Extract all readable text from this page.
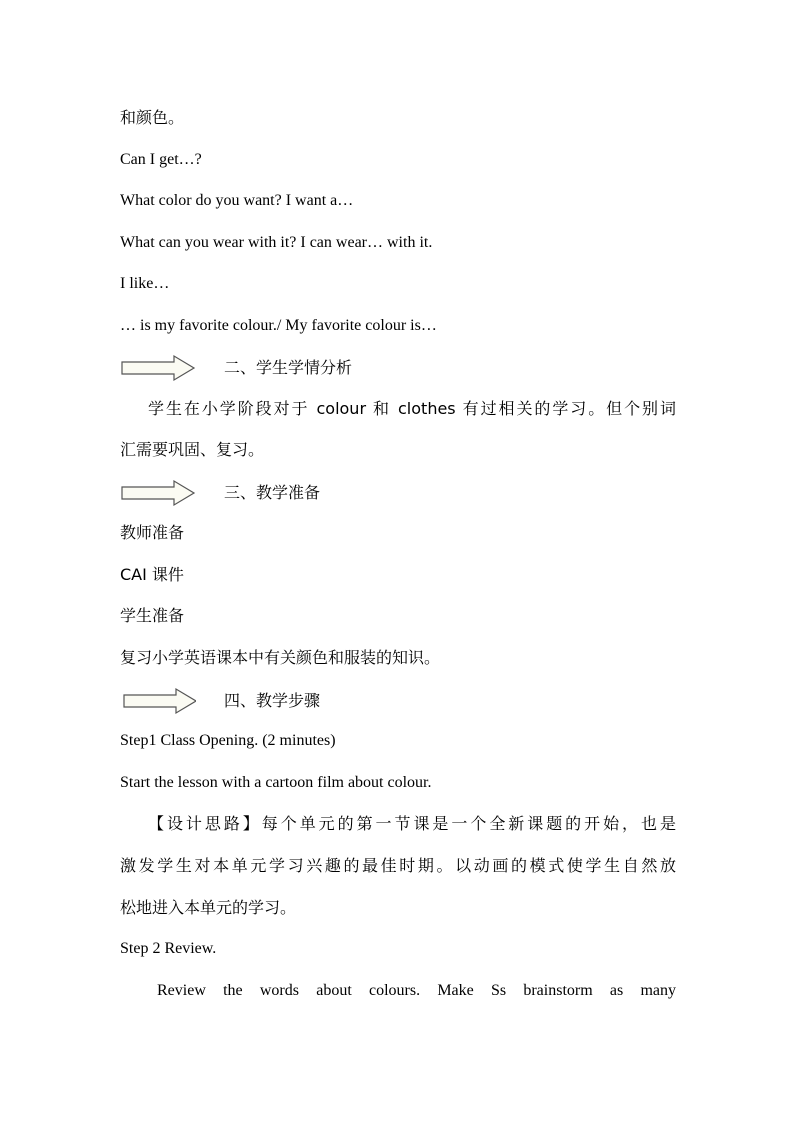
和颜色。
Can I get…?
What color do you want? I want a…
What can you wear with it? I can wear… with it.
I like…
… is my favorite colour./ My favorite colour is…
二、学生学情分析
学生在小学阶段对于 colour 和 clothes 有过相关的学习。但个别词
汇需要巩固、复习。
三、教学准备
教师准备
CAI 课件
学生准备
复习小学英语课本中有关颜色和服装的知识。
四、教学步骤
Step1 Class Opening. (2 minutes)
Start the lesson with a cartoon film about colour.
【设计思路】每个单元的第一节课是一个全新课题的开始，也是
激发学生对本单元学习兴趣的最佳时期。以动画的模式使学生自然放
松地进入本单元的学习。
Step 2 Review.
Review the words about colours. Make Ss brainstorm as many
